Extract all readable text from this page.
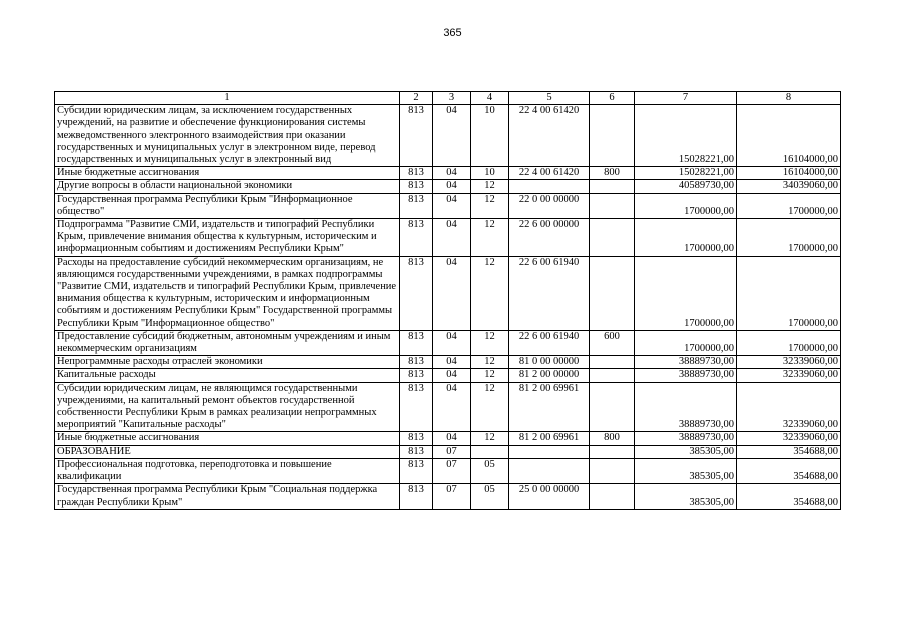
365
1	2	3	4	5	6	7	8
Субсидии юридическим лицам, за исключением государственных учреждений, на развитие и обеспечение функционирования системы межведомственного электронного взаимодействия при оказании государственных и муниципальных услуг в электронном виде, перевод государственных и муниципальных услуг в электронный вид	813	04	10	22 4 00 61420		15028221,00	16104000,00
Иные бюджетные ассигнования	813	04	10	22 4 00 61420	800	15028221,00	16104000,00
Другие вопросы в области национальной экономики	813	04	12			40589730,00	34039060,00
Государственная программа Республики Крым "Информационное общество"	813	04	12	22 0 00 00000		1700000,00	1700000,00
Подпрограмма "Развитие СМИ, издательств и типографий Республики Крым, привлечение внимания общества к культурным, историческим и информационным событиям и достижениям Республики Крым"	813	04	12	22 6 00 00000		1700000,00	1700000,00
Расходы на предоставление субсидий некоммерческим организациям, не являющимся государственными учреждениями, в рамках подпрограммы "Развитие СМИ, издательств и типографий Республики Крым, привлечение внимания общества к культурным, историческим и информационным событиям и достижениям Республики Крым" Государственной программы Республики Крым "Информационное общество"	813	04	12	22 6 00 61940		1700000,00	1700000,00
Предоставление субсидий бюджетным, автономным учреждениям и иным некоммерческим организациям	813	04	12	22 6 00 61940	600	1700000,00	1700000,00
Непрограммные расходы отраслей экономики	813	04	12	81 0 00 00000		38889730,00	32339060,00
Капитальные расходы	813	04	12	81 2 00 00000		38889730,00	32339060,00
Субсидии юридическим лицам, не являющимся государственными учреждениями, на капитальный ремонт объектов государственной собственности Республики Крым в рамках реализации непрограммных мероприятий "Капитальные расходы"	813	04	12	81 2 00 69961		38889730,00	32339060,00
Иные бюджетные ассигнования	813	04	12	81 2 00 69961	800	38889730,00	32339060,00
ОБРАЗОВАНИЕ	813	07				385305,00	354688,00
Профессиональная подготовка, переподготовка и повышение квалификации	813	07	05			385305,00	354688,00
Государственная программа Республики Крым "Социальная поддержка граждан Республики Крым"	813	07	05	25 0 00 00000		385305,00	354688,00
